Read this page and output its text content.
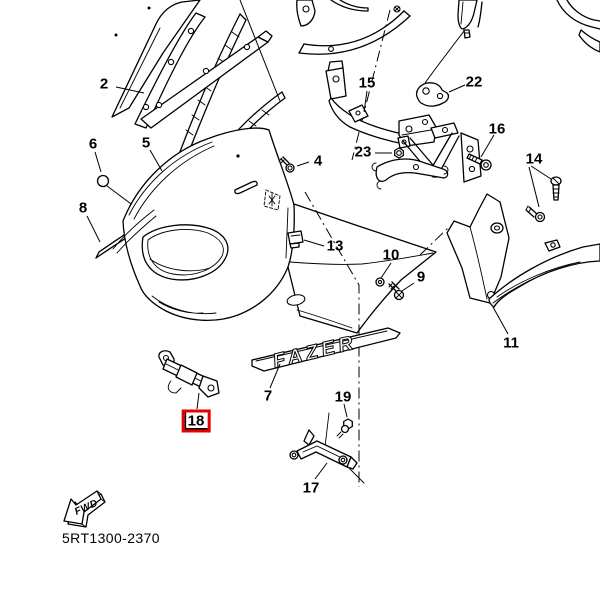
FAZER
FWD
2
4
5
6
7
8
9
10
11
13
14
15
16
17
18
19
22
23
5RT1300-2370
